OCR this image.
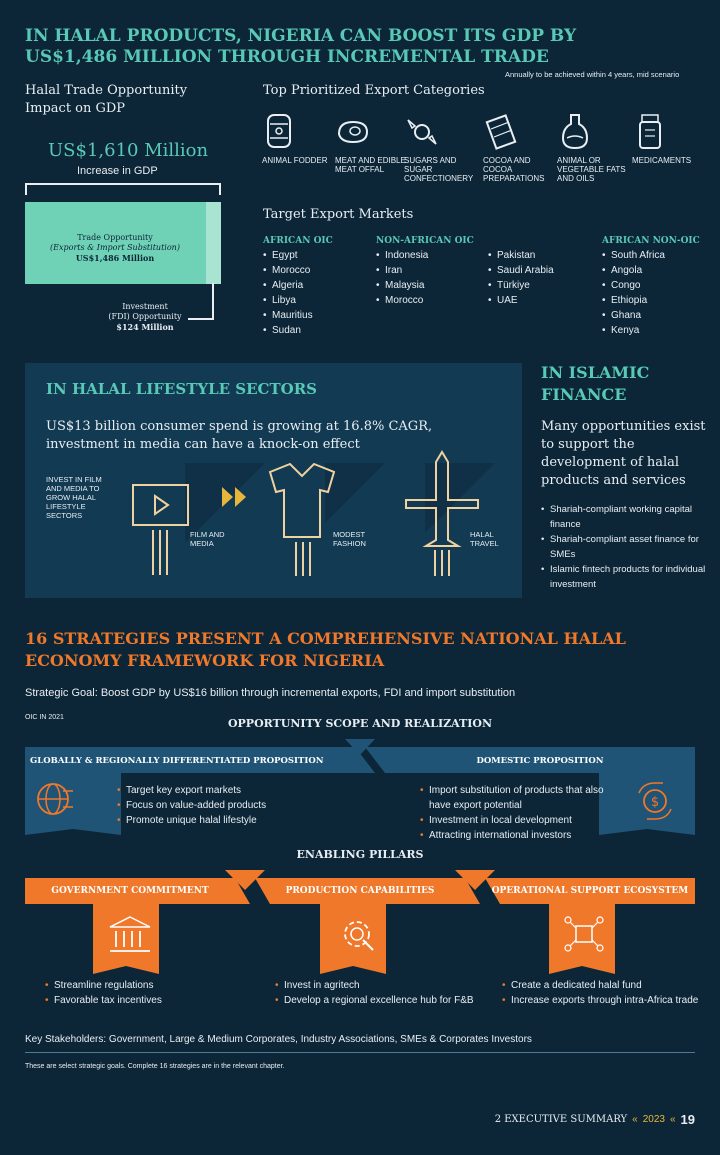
IN HALAL PRODUCTS, NIGERIA CAN BOOST ITS GDP BY US$1,486 MILLION THROUGH INCREMENTAL TRADE
Annually to be achieved within 4 years, mid scenario
Halal Trade Opportunity Impact on GDP
US$1,610 Million
Increase in GDP
Trade Opportunity
(Exports & Import Substitution)
US$1,486 Million
Investment
(FDI) Opportunity
$124 Million
Top Prioritized Export Categories
ANIMAL FODDER MEAT AND EDIBLE MEAT OFFAL
SUGARS AND SUGAR CONFECTIONERY
COCOA AND COCOA PREPARATIONS
ANIMAL OR VEGETABLE FATS AND OILS
MEDICAMENTS
Target Export Markets
AFRICAN OIC
• Egypt
• Morocco
• Algeria
• Libya
• Mauritius
• Sudan
NON-AFRICAN OIC
• Indonesia
• Iran
• Malaysia
• Morocco
• Pakistan
• Saudi Arabia
• Türkiye
• UAE
AFRICAN NON-OIC
• South Africa
• Angola
• Congo
• Ethiopia
• Ghana
• Kenya
IN HALAL LIFESTYLE SECTORS
US$13 billion consumer spend is growing at 16.8% CAGR, investment in media can have a knock-on effect
INVEST IN FILM AND MEDIA TO GROW HALAL LIFESTYLE SECTORS
FILM AND MEDIA
MODEST FASHION
HALAL TRAVEL
IN ISLAMIC FINANCE
Many opportunities exist to support the development of halal products and services
• Shariah-compliant working capital finance
• Shariah-compliant asset finance for SMEs
• Islamic fintech products for individual investment
16 STRATEGIES PRESENT A COMPREHENSIVE NATIONAL HALAL ECONOMY FRAMEWORK FOR NIGERIA
Strategic Goal: Boost GDP by US$16 billion through incremental exports, FDI and import substitution
OIC IN 2021	OPPORTUNITY SCOPE AND REALIZATION
GLOBALLY & REGIONALLY DIFFERENTIATED PROPOSITION	DOMESTIC PROPOSITION
• Target key export markets
• Focus on value-added products
• Promote unique halal lifestyle
• Import substitution of products that also have export potential
• Investment in local development
• Attracting international investors
$
ENABLING PILLARS
GOVERNMENT COMMITMENT	PRODUCTION CAPABILITIES	OPERATIONAL SUPPORT ECOSYSTEM
• Streamline regulations
• Favorable tax incentives
• Invest in agritech
• Develop a regional excellence hub for F&B
• Create a dedicated halal fund
• Increase exports through intra-Africa trade
Key Stakeholders: Government, Large & Medium Corporates, Industry Associations, SMEs & Corporates Investors
These are select strategic goals. Complete 16 strategies are in the relevant chapter.
2 EXECUTIVE SUMMARY « 2023 « 19
